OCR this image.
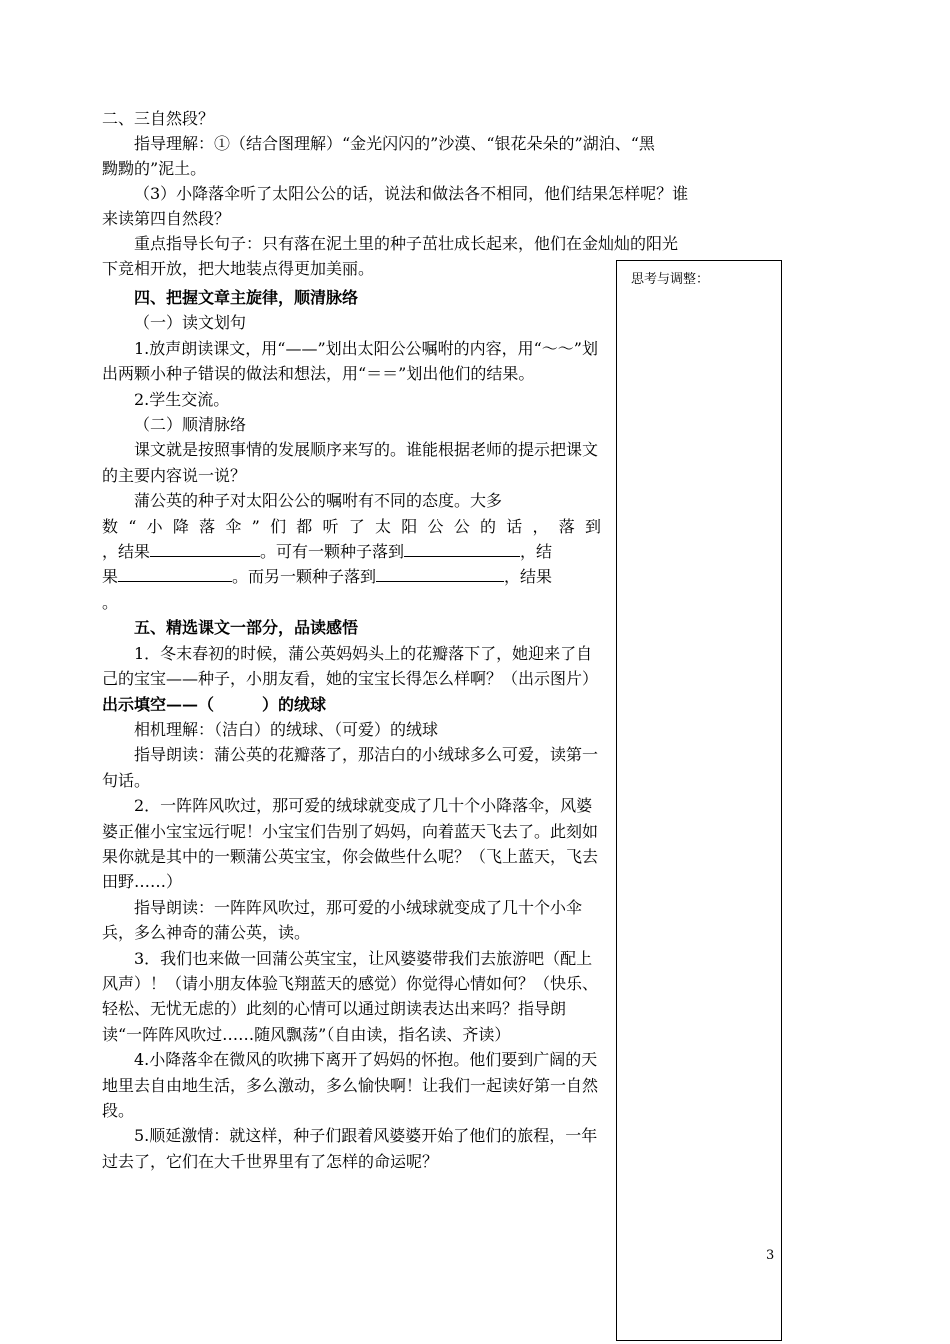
二、三自然段？

指导理解：①（结合图理解）“金光闪闪的”沙漠、“银花朵朵的”湖泊、“黑

黝黝的”泥土。

（3）小降落伞听了太阳公公的话，说法和做法各不相同，他们结果怎样呢？谁

来读第四自然段？

重点指导长句子：只有落在泥土里的种子茁壮成长起来，他们在金灿灿的阳光

下竞相开放，把大地装点得更加美丽。

四、把握文章主旋律，顺清脉络

（一）读文划句

1.放声朗读课文，用“——”划出太阳公公嘱咐的内容，用“～～”划出两颗小种子错误的做法和想法，用“＝＝”划出他们的结果。

2.学生交流。

（二）顺清脉络

课文就是按照事情的发展顺序来写的。谁能根据老师的提示把课文的主要内容说一说？

蒲公英的种子对太阳公公的嘱咐有不同的态度。大多

数“小降落伞”们都听了太阳公公的话，落到

，结果	。可有一颗种子落到	，结

果	。而另一颗种子落到	，结果

。

五、精选课文一部分，品读感悟

1．冬末春初的时候，蒲公英妈妈头上的花瓣落下了，她迎来了自己的宝宝——种子，小朋友看，她的宝宝长得怎么样啊？（出示图片）出示填空——（　　　）的绒球

相机理解：（洁白）的绒球、（可爱）的绒球

指导朗读：蒲公英的花瓣落了，那洁白的小绒球多么可爱，读第一句话。

2．一阵阵风吹过，那可爱的绒球就变成了几十个小降落伞，风婆婆正催小宝宝远行呢！小宝宝们告别了妈妈，向着蓝天飞去了。此刻如果你就是其中的一颗蒲公英宝宝，你会做些什么呢？（飞上蓝天，飞去田野……）

指导朗读：一阵阵风吹过，那可爱的小绒球就变成了几十个小伞兵，多么神奇的蒲公英，读。

3．我们也来做一回蒲公英宝宝，让风婆婆带我们去旅游吧（配上风声）！（请小朋友体验飞翔蓝天的感觉）你觉得心情如何？（快乐、轻松、无忧无虑的）此刻的心情可以通过朗读表达出来吗？指导朗读“一阵阵风吹过……随风飘荡”（自由读，指名读、齐读）

4.小降落伞在微风的吹拂下离开了妈妈的怀抱。他们要到广阔的天地里去自由地生活，多么激动，多么愉快啊！让我们一起读好第一自然段。

5.顺延激情：就这样，种子们跟着风婆婆开始了他们的旅程，一年过去了，它们在大千世界里有了怎样的命运呢？

思考与调整：
3
